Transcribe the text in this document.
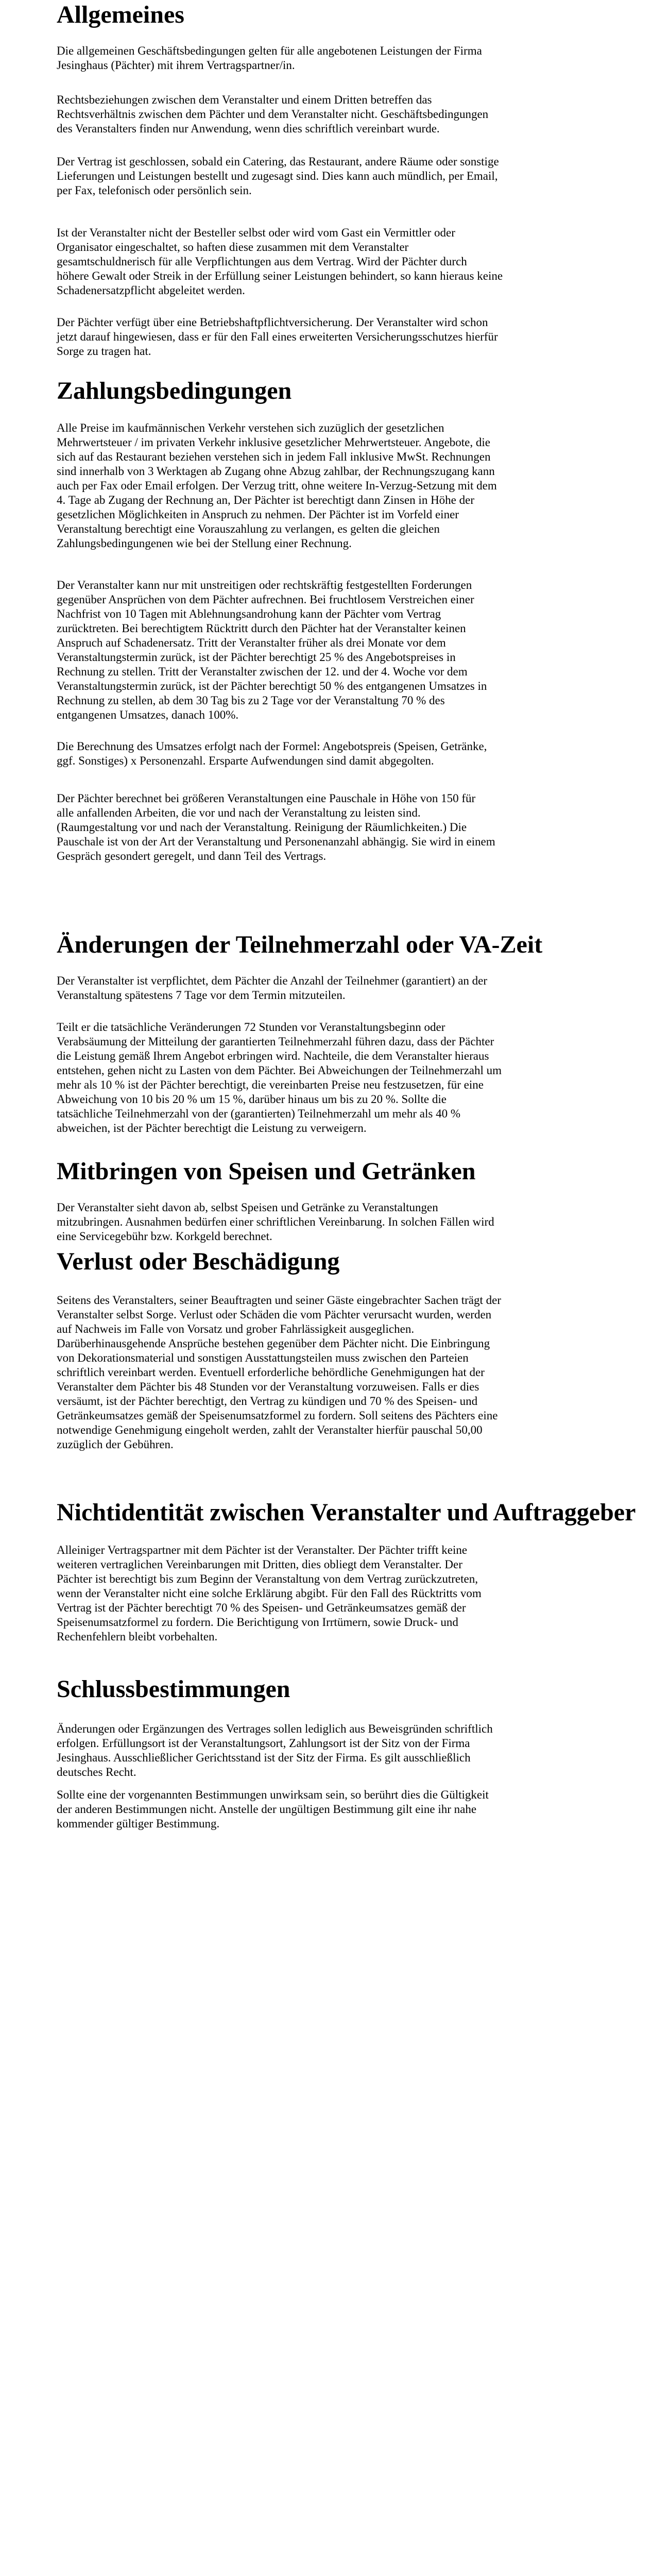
Allgemeines

Die allgemeinen Geschäftsbedingungen gelten für alle angebotenen Leistungen der Firma
Jesinghaus (Pächter) mit ihrem Vertragspartner/in.

Rechtsbeziehungen zwischen dem Veranstalter und einem Dritten betreffen das
Rechtsverhältnis zwischen dem Pächter und dem Veranstalter nicht. Geschäftsbedingungen
des Veranstalters finden nur Anwendung, wenn dies schriftlich vereinbart wurde.

Der Vertrag ist geschlossen, sobald ein Catering, das Restaurant, andere Räume oder sonstige
Lieferungen und Leistungen bestellt und zugesagt sind. Dies kann auch mündlich, per Email,
per Fax, telefonisch oder persönlich sein.

Ist der Veranstalter nicht der Besteller selbst oder wird vom Gast ein Vermittler oder
Organisator eingeschaltet, so haften diese zusammen mit dem Veranstalter
gesamtschuldnerisch für alle Verpflichtungen aus dem Vertrag. Wird der Pächter durch
höhere Gewalt oder Streik in der Erfüllung seiner Leistungen behindert, so kann hieraus keine
Schadenersatzpflicht abgeleitet werden.

Der Pächter verfügt über eine Betriebshaftpflichtversicherung. Der Veranstalter wird schon
jetzt darauf hingewiesen, dass er für den Fall eines erweiterten Versicherungsschutzes hierfür
Sorge zu tragen hat.

Zahlungsbedingungen

Alle Preise im kaufmännischen Verkehr verstehen sich zuzüglich der gesetzlichen
Mehrwertsteuer / im privaten Verkehr inklusive gesetzlicher Mehrwertsteuer. Angebote, die
sich auf das Restaurant beziehen verstehen sich in jedem Fall inklusive MwSt. Rechnungen
sind innerhalb von 3 Werktagen ab Zugang ohne Abzug zahlbar, der Rechnungszugang kann
auch per Fax oder Email erfolgen. Der Verzug tritt, ohne weitere In-Verzug-Setzung mit dem
4. Tage ab Zugang der Rechnung an, Der Pächter ist berechtigt dann Zinsen in Höhe der
gesetzlichen Möglichkeiten in Anspruch zu nehmen. Der Pächter ist im Vorfeld einer
Veranstaltung berechtigt eine Vorauszahlung zu verlangen, es gelten die gleichen
Zahlungsbedingungenen wie bei der Stellung einer Rechnung.

Der Veranstalter kann nur mit unstreitigen oder rechtskräftig festgestellten Forderungen
gegenüber Ansprüchen von dem Pächter aufrechnen. Bei fruchtlosem Verstreichen einer
Nachfrist von 10 Tagen mit Ablehnungsandrohung kann der Pächter vom Vertrag
zurücktreten. Bei berechtigtem Rücktritt durch den Pächter hat der Veranstalter keinen
Anspruch auf Schadenersatz. Tritt der Veranstalter früher als drei Monate vor dem
Veranstaltungstermin zurück, ist der Pächter berechtigt 25 % des Angebotspreises in
Rechnung zu stellen. Tritt der Veranstalter zwischen der 12. und der 4. Woche vor dem
Veranstaltungstermin zurück, ist der Pächter berechtigt 50 % des entgangenen Umsatzes in
Rechnung zu stellen, ab dem 30 Tag bis zu 2 Tage vor der Veranstaltung 70 % des
entgangenen Umsatzes, danach 100%.

Die Berechnung des Umsatzes erfolgt nach der Formel: Angebotspreis (Speisen, Getränke,
ggf. Sonstiges) x Personenzahl. Ersparte Aufwendungen sind damit abgegolten.

Der Pächter berechnet bei größeren Veranstaltungen eine Pauschale in Höhe von 150 für
alle anfallenden Arbeiten, die vor und nach der Veranstaltung zu leisten sind.
(Raumgestaltung vor und nach der Veranstaltung. Reinigung der Räumlichkeiten.) Die
Pauschale ist von der Art der Veranstaltung und Personenanzahl abhängig. Sie wird in einem
Gespräch gesondert geregelt, und dann Teil des Vertrags.

Änderungen der Teilnehmerzahl oder VA-Zeit

Der Veranstalter ist verpflichtet, dem Pächter die Anzahl der Teilnehmer (garantiert) an der
Veranstaltung spätestens 7 Tage vor dem Termin mitzuteilen.

Teilt er die tatsächliche Veränderungen 72 Stunden vor Veranstaltungsbeginn oder
Verabsäumung der Mitteilung der garantierten Teilnehmerzahl führen dazu, dass der Pächter
die Leistung gemäß Ihrem Angebot erbringen wird. Nachteile, die dem Veranstalter hieraus
entstehen, gehen nicht zu Lasten von dem Pächter. Bei Abweichungen der Teilnehmerzahl um
mehr als 10 % ist der Pächter berechtigt, die vereinbarten Preise neu festzusetzen, für eine
Abweichung von 10 bis 20 % um 15 %, darüber hinaus um bis zu 20 %. Sollte die
tatsächliche Teilnehmerzahl von der (garantierten) Teilnehmerzahl um mehr als 40 %
abweichen, ist der Pächter berechtigt die Leistung zu verweigern.

Mitbringen von Speisen und Getränken

Der Veranstalter sieht davon ab, selbst Speisen und Getränke zu Veranstaltungen
mitzubringen. Ausnahmen bedürfen einer schriftlichen Vereinbarung. In solchen Fällen wird
eine Servicegebühr bzw. Korkgeld berechnet.

Verlust oder Beschädigung

Seitens des Veranstalters, seiner Beauftragten und seiner Gäste eingebrachter Sachen trägt der
Veranstalter selbst Sorge. Verlust oder Schäden die vom Pächter verursacht wurden, werden
auf Nachweis im Falle von Vorsatz und grober Fahrlässigkeit ausgeglichen.
Darüberhinausgehende Ansprüche bestehen gegenüber dem Pächter nicht. Die Einbringung
von Dekorationsmaterial und sonstigen Ausstattungsteilen muss zwischen den Parteien
schriftlich vereinbart werden. Eventuell erforderliche behördliche Genehmigungen hat der
Veranstalter dem Pächter bis 48 Stunden vor der Veranstaltung vorzuweisen. Falls er dies
versäumt, ist der Pächter berechtigt, den Vertrag zu kündigen und 70 % des Speisen- und
Getränkeumsatzes gemäß der Speisenumsatzformel zu fordern. Soll seitens des Pächters eine
notwendige Genehmigung eingeholt werden, zahlt der Veranstalter hierfür pauschal 50,00
zuzüglich der Gebühren.

Nichtidentität zwischen Veranstalter und Auftraggeber

Alleiniger Vertragspartner mit dem Pächter ist der Veranstalter. Der Pächter trifft keine
weiteren vertraglichen Vereinbarungen mit Dritten, dies obliegt dem Veranstalter. Der
Pächter ist berechtigt bis zum Beginn der Veranstaltung von dem Vertrag zurückzutreten,
wenn der Veranstalter nicht eine solche Erklärung abgibt. Für den Fall des Rücktritts vom
Vertrag ist der Pächter berechtigt 70 % des Speisen- und Getränkeumsatzes gemäß der
Speisenumsatzformel zu fordern. Die Berichtigung von Irrtümern, sowie Druck- und
Rechenfehlern bleibt vorbehalten.

Schlussbestimmungen

Änderungen oder Ergänzungen des Vertrages sollen lediglich aus Beweisgründen schriftlich
erfolgen. Erfüllungsort ist der Veranstaltungsort, Zahlungsort ist der Sitz von der Firma
Jesinghaus. Ausschließlicher Gerichtsstand ist der Sitz der Firma. Es gilt ausschließlich
deutsches Recht.

Sollte eine der vorgenannten Bestimmungen unwirksam sein, so berührt dies die Gültigkeit
der anderen Bestimmungen nicht. Anstelle der ungültigen Bestimmung gilt eine ihr nahe
kommender gültiger Bestimmung.
